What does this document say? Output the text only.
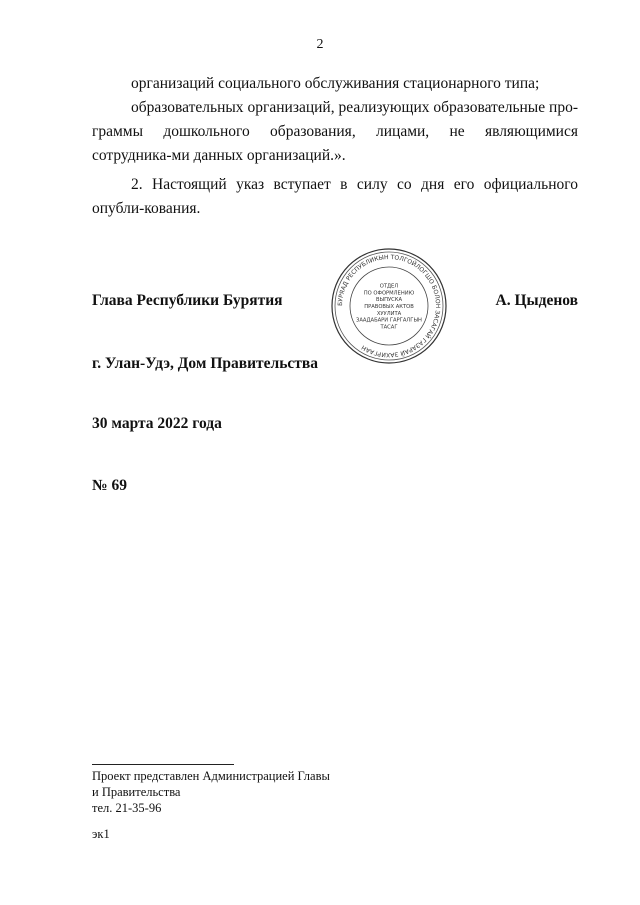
2
организаций социального обслуживания стационарного типа;
образовательных организаций, реализующих образовательные про-граммы дошкольного образования, лицами, не являющимися сотрудника-ми данных организаций.».
2. Настоящий указ вступает в силу со дня его официального опубли-кования.
Глава Республики Бурятия	А. Цыденов
БУРЯАД РЕСПУБЛИКЫН ТОЛГОЙЛОГШО БОЛОН ЗАСАГАЙ ГАЗАРАЙ ЗАХИРГААН
ОТДЕЛ
ПО ОФОРМЛЕНИЮ
ВЫПУСКА
ПРАВОВЫХ АКТОВ
ХУУЛИТА
ЗААДАБАРИ ГАРГАЛГЫН
ТАСАГ
г. Улан-Удэ, Дом Правительства
30 марта 2022 года
№ 69
Проект представлен Администрацией Главы
и Правительства
тел. 21-35-96
эк1
